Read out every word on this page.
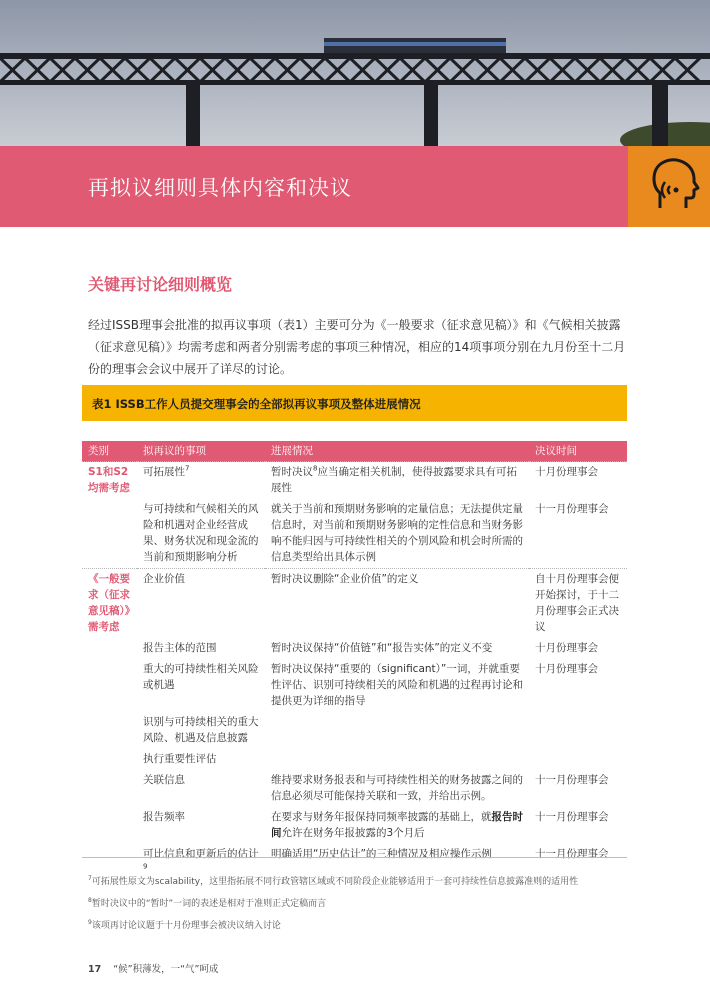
再拟议细则具体内容和决议
关键再讨论细则概览
经过ISSB理事会批准的拟再议事项（表1）主要可分为《一般要求（征求意见稿）》和《气候相关披露（征求意见稿）》均需考虑和两者分别需考虑的事项三种情况，相应的14项事项分别在九月份至十二月份的理事会会议中展开了详尽的讨论。
表1 ISSB工作人员提交理事会的全部拟再议事项及整体进展情况
类别	拟再议的事项	进展情况	决议时间
S1和S2均需考虑	可拓展性$^7$	暂时决议$^8$应当确定相关机制，使得披露要求具有可拓展性	十月份理事会
	与可持续和气候相关的风险和机遇对企业经营成果、财务状况和现金流的当前和预期影响分析	就关于当前和预期财务影响的定量信息；无法提供定量信息时，对当前和预期财务影响的定性信息和当财务影响不能归因与可持续性相关的个别风险和机会时所需的信息类型给出具体示例	十一月份理事会
《一般要求（征求意见稿）》需考虑	企业价值	暂时决议删除“企业价值”的定义	自十月份理事会便开始探讨，于十二月份理事会正式决议
	报告主体的范围	暂时决议保持“价值链”和“报告实体”的定义不变	十月份理事会
	重大的可持续性相关风险或机遇	暂时决议保持“重要的（significant）”一词，并就重要性评估、识别可持续相关的风险和机遇的过程再讨论和提供更为详细的指导	十月份理事会
	识别与可持续相关的重大风险、机遇及信息披露		
	执行重要性评估		
	关联信息	维持要求财务报表和与可持续性相关的财务披露之间的信息必须尽可能保持关联和一致，并给出示例。	十一月份理事会
	报告频率	在要求与财务年报保持同频率披露的基础上，就报告时间允许在财务年报披露的3个月后	十一月份理事会
	可比信息和更新后的估计$^9$	明确适用“历史估计”的三种情况及相应操作示例	十一月份理事会
$^7$可拓展性原文为scalability，这里指拓展不同行政管辖区域或不同阶段企业能够适用于一套可持续性信息披露准则的适用性
$^8$暂时决议中的“暂时”一词的表述是相对于准则正式定稿而言
$^9$该项再讨论议题于十月份理事会被决议纳入讨论
17 “候”积薄发，一“气”呵成
